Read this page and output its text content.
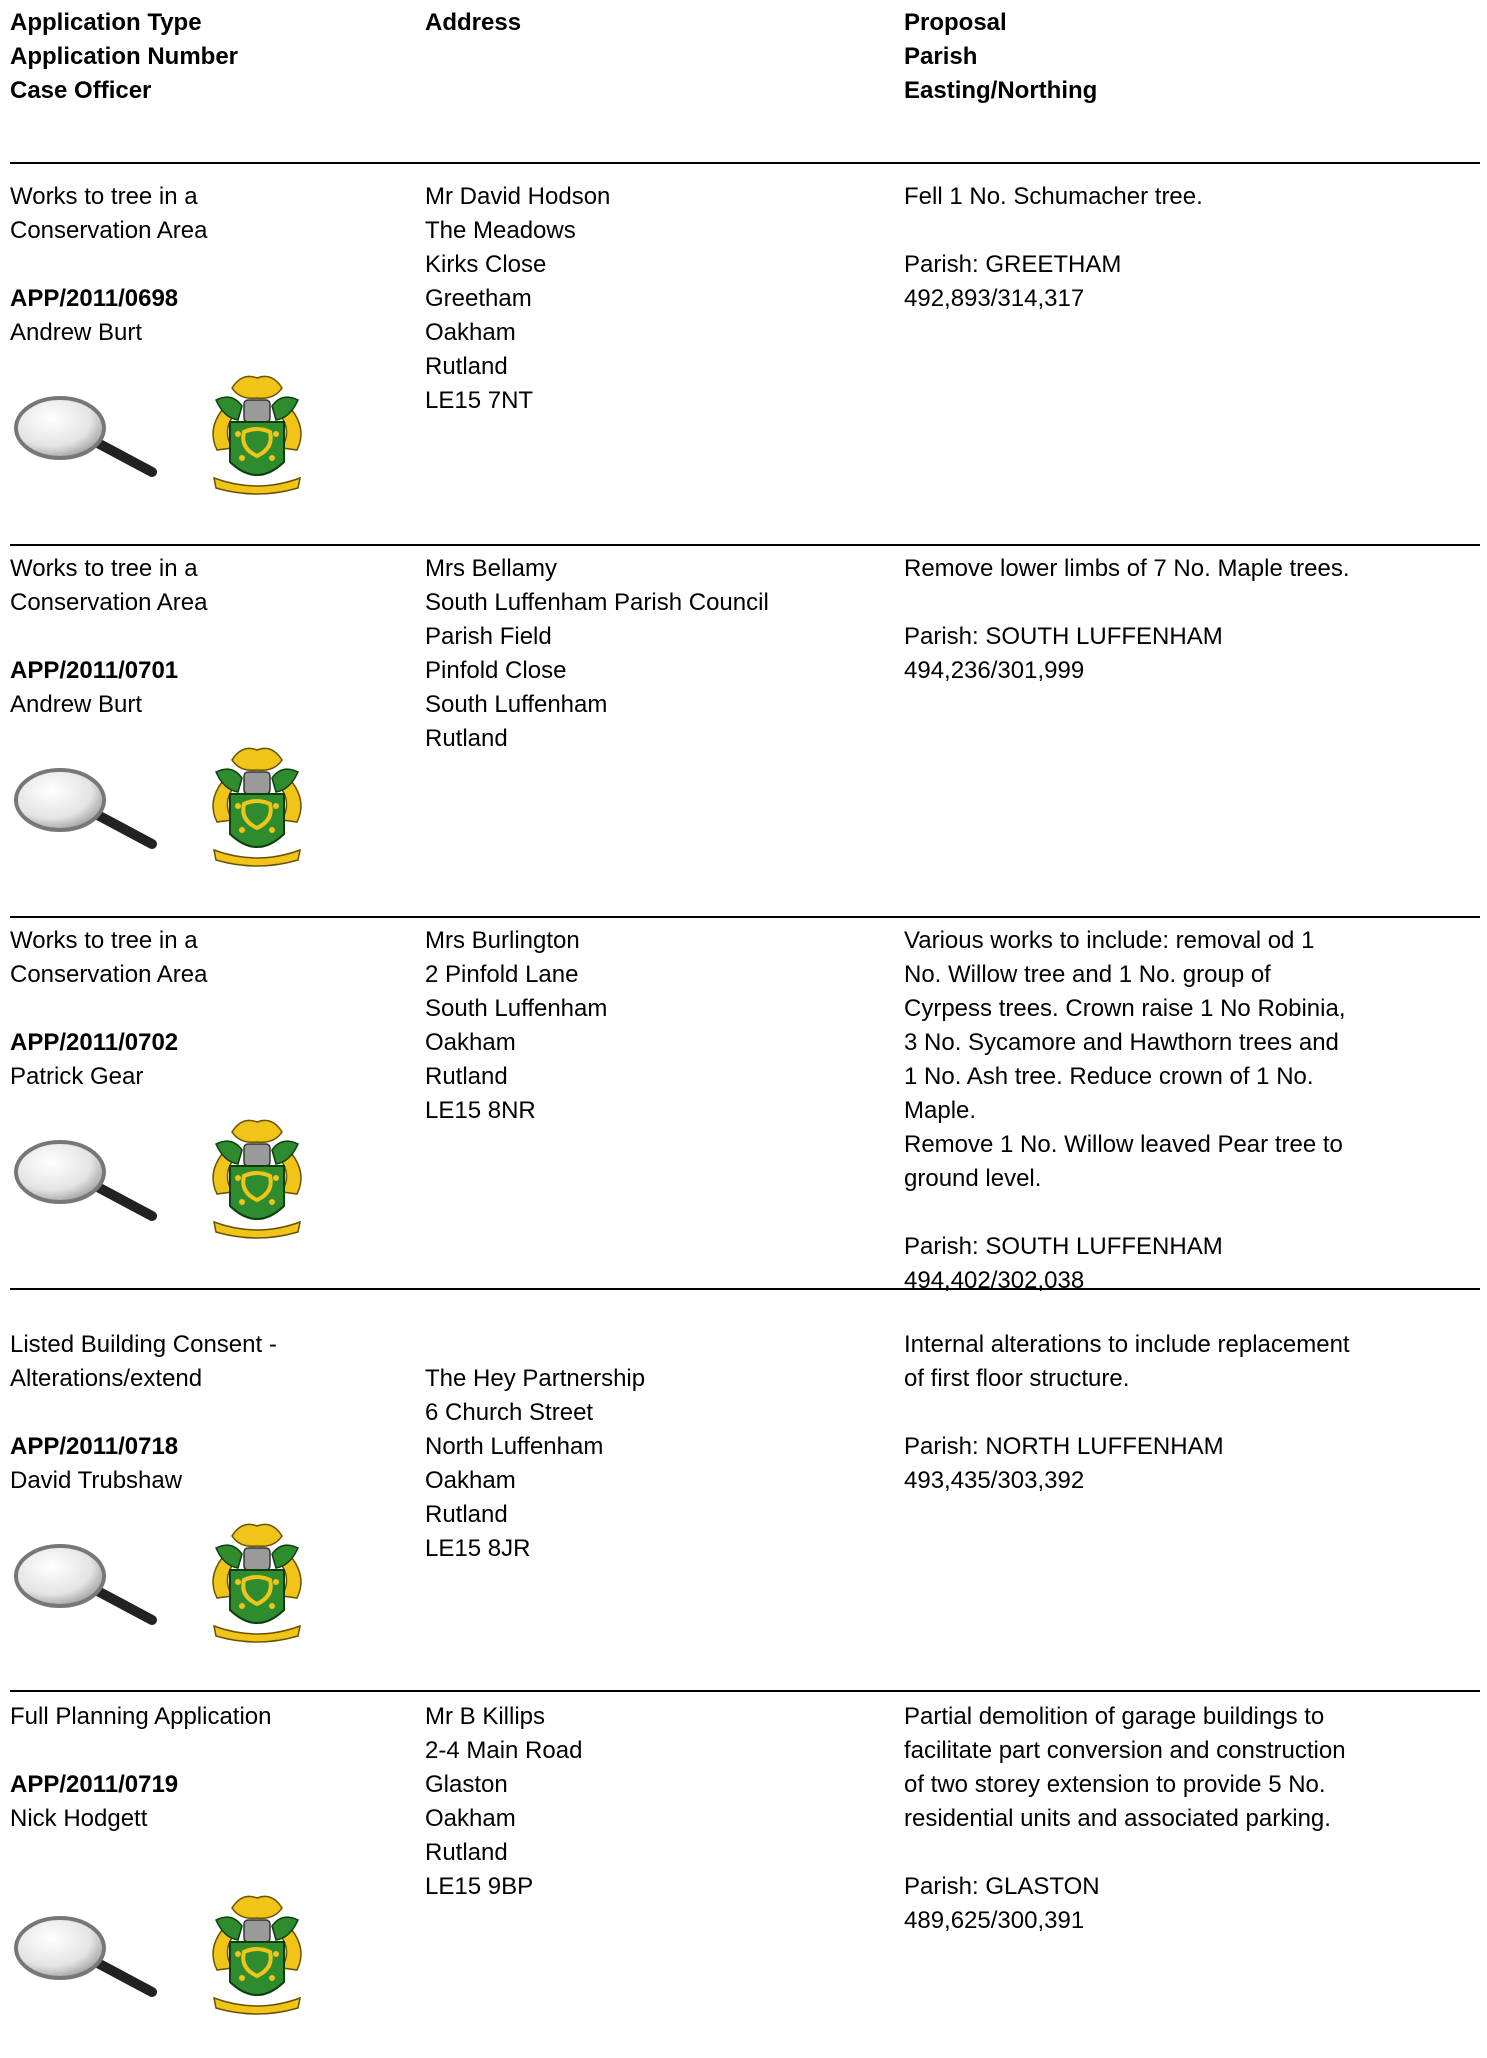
Application Type
Application Number
Case Officer
Address	Proposal
Parish
Easting/Northing
Works to tree in a
Conservation Area
APP/2011/0698
Andrew Burt
Mr David Hodson
The Meadows
Kirks Close
Greetham
Oakham
Rutland
LE15 7NT
Fell 1 No. Schumacher tree.
Parish: GREETHAM
492,893/314,317
Works to tree in a
Conservation Area
APP/2011/0701
Andrew Burt
Mrs Bellamy
South Luffenham Parish Council
Parish Field
Pinfold Close
South Luffenham
Rutland
Remove lower limbs of 7 No. Maple trees.
Parish: SOUTH LUFFENHAM
494,236/301,999
Works to tree in a
Conservation Area
APP/2011/0702
Patrick Gear
Mrs Burlington
2 Pinfold Lane
South Luffenham
Oakham
Rutland
LE15 8NR
Various works to include: removal od 1
No. Willow tree and 1 No. group of
Cyrpess trees. Crown raise 1 No Robinia,
3 No. Sycamore and Hawthorn trees and
1 No. Ash tree. Reduce crown of 1 No.
Maple.
Remove 1 No. Willow leaved Pear tree to
ground level.
Parish: SOUTH LUFFENHAM
494,402/302,038
Listed Building Consent -
Alterations/extend
APP/2011/0718
David Trubshaw
The Hey Partnership
6 Church Street
North Luffenham
Oakham
Rutland
LE15 8JR
Internal alterations to include replacement
of first floor structure.
Parish: NORTH LUFFENHAM
493,435/303,392
Full Planning Application
APP/2011/0719
Nick Hodgett
Mr B Killips
2-4 Main Road
Glaston
Oakham
Rutland
LE15 9BP
Partial demolition of garage buildings to
facilitate part conversion and construction
of two storey extension to provide 5 No.
residential units and associated parking.
Parish: GLASTON
489,625/300,391
